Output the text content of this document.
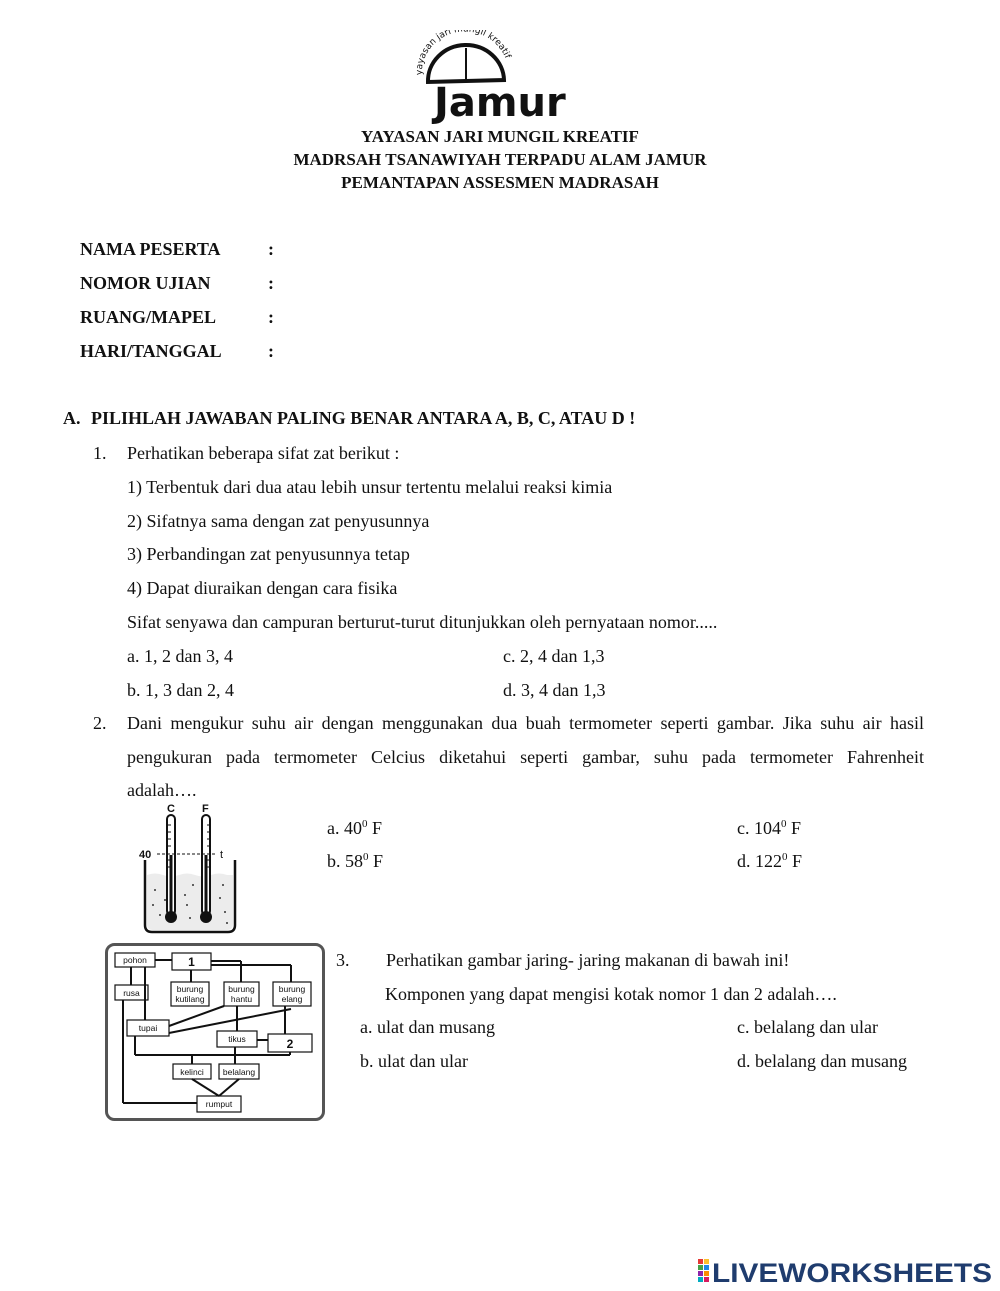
yayasan jari gil kreatif
Jamur
YAYASAN JARI MUNGIL KREATIF
MADRSAH TSANAWIYAH TERPADU ALAM JAMUR
PEMANTAPAN ASSESMEN MADRASAH
NAMA PESERTA	:
NOMOR UJIAN	:
RUANG/MAPEL	:
HARI/TANGGAL	:
A. PILIHLAH JAWABAN PALING BENAR ANTARA A, B, C, ATAU D !
1. Perhatikan beberapa sifat zat berikut :
1) Terbentuk dari dua atau lebih unsur tertentu melalui reaksi kimia
2) Sifatnya sama dengan zat penyusunnya
3) Perbandingan zat penyusunnya tetap
4) Dapat diuraikan dengan cara fisika
Sifat senyawa dan campuran berturut-turut ditunjukkan oleh pernyataan nomor.....
a. 1, 2 dan 3, 4	c. 2, 4 dan 1,3
b. 1, 3 dan 2, 4	d. 3, 4 dan 1,3
2. Dani mengukur suhu air dengan menggunakan dua buah termometer seperti gambar. Jika suhu air hasil
pengukuran pada termometer Celcius diketahui seperti gambar, suhu pada termometer Fahrenheit
adalah….
C F
40	t
a. $40^0$ F	c. $104^0$ F
b. $58^0$ F	d. $122^0$ F
pohon	1
rusa	burung
kutilang
burung
hantu
burung
elang
tupai
tikus	2
kelinci belalang
rumput
3. Perhatikan gambar jaring- jaring makanan di bawah ini!
Komponen yang dapat mengisi kotak nomor 1 dan 2 adalah….
a. ulat dan musang	c. belalang dan ular
b. ulat dan ular	d. belalang dan musang
LIVEWORKSHEETS
